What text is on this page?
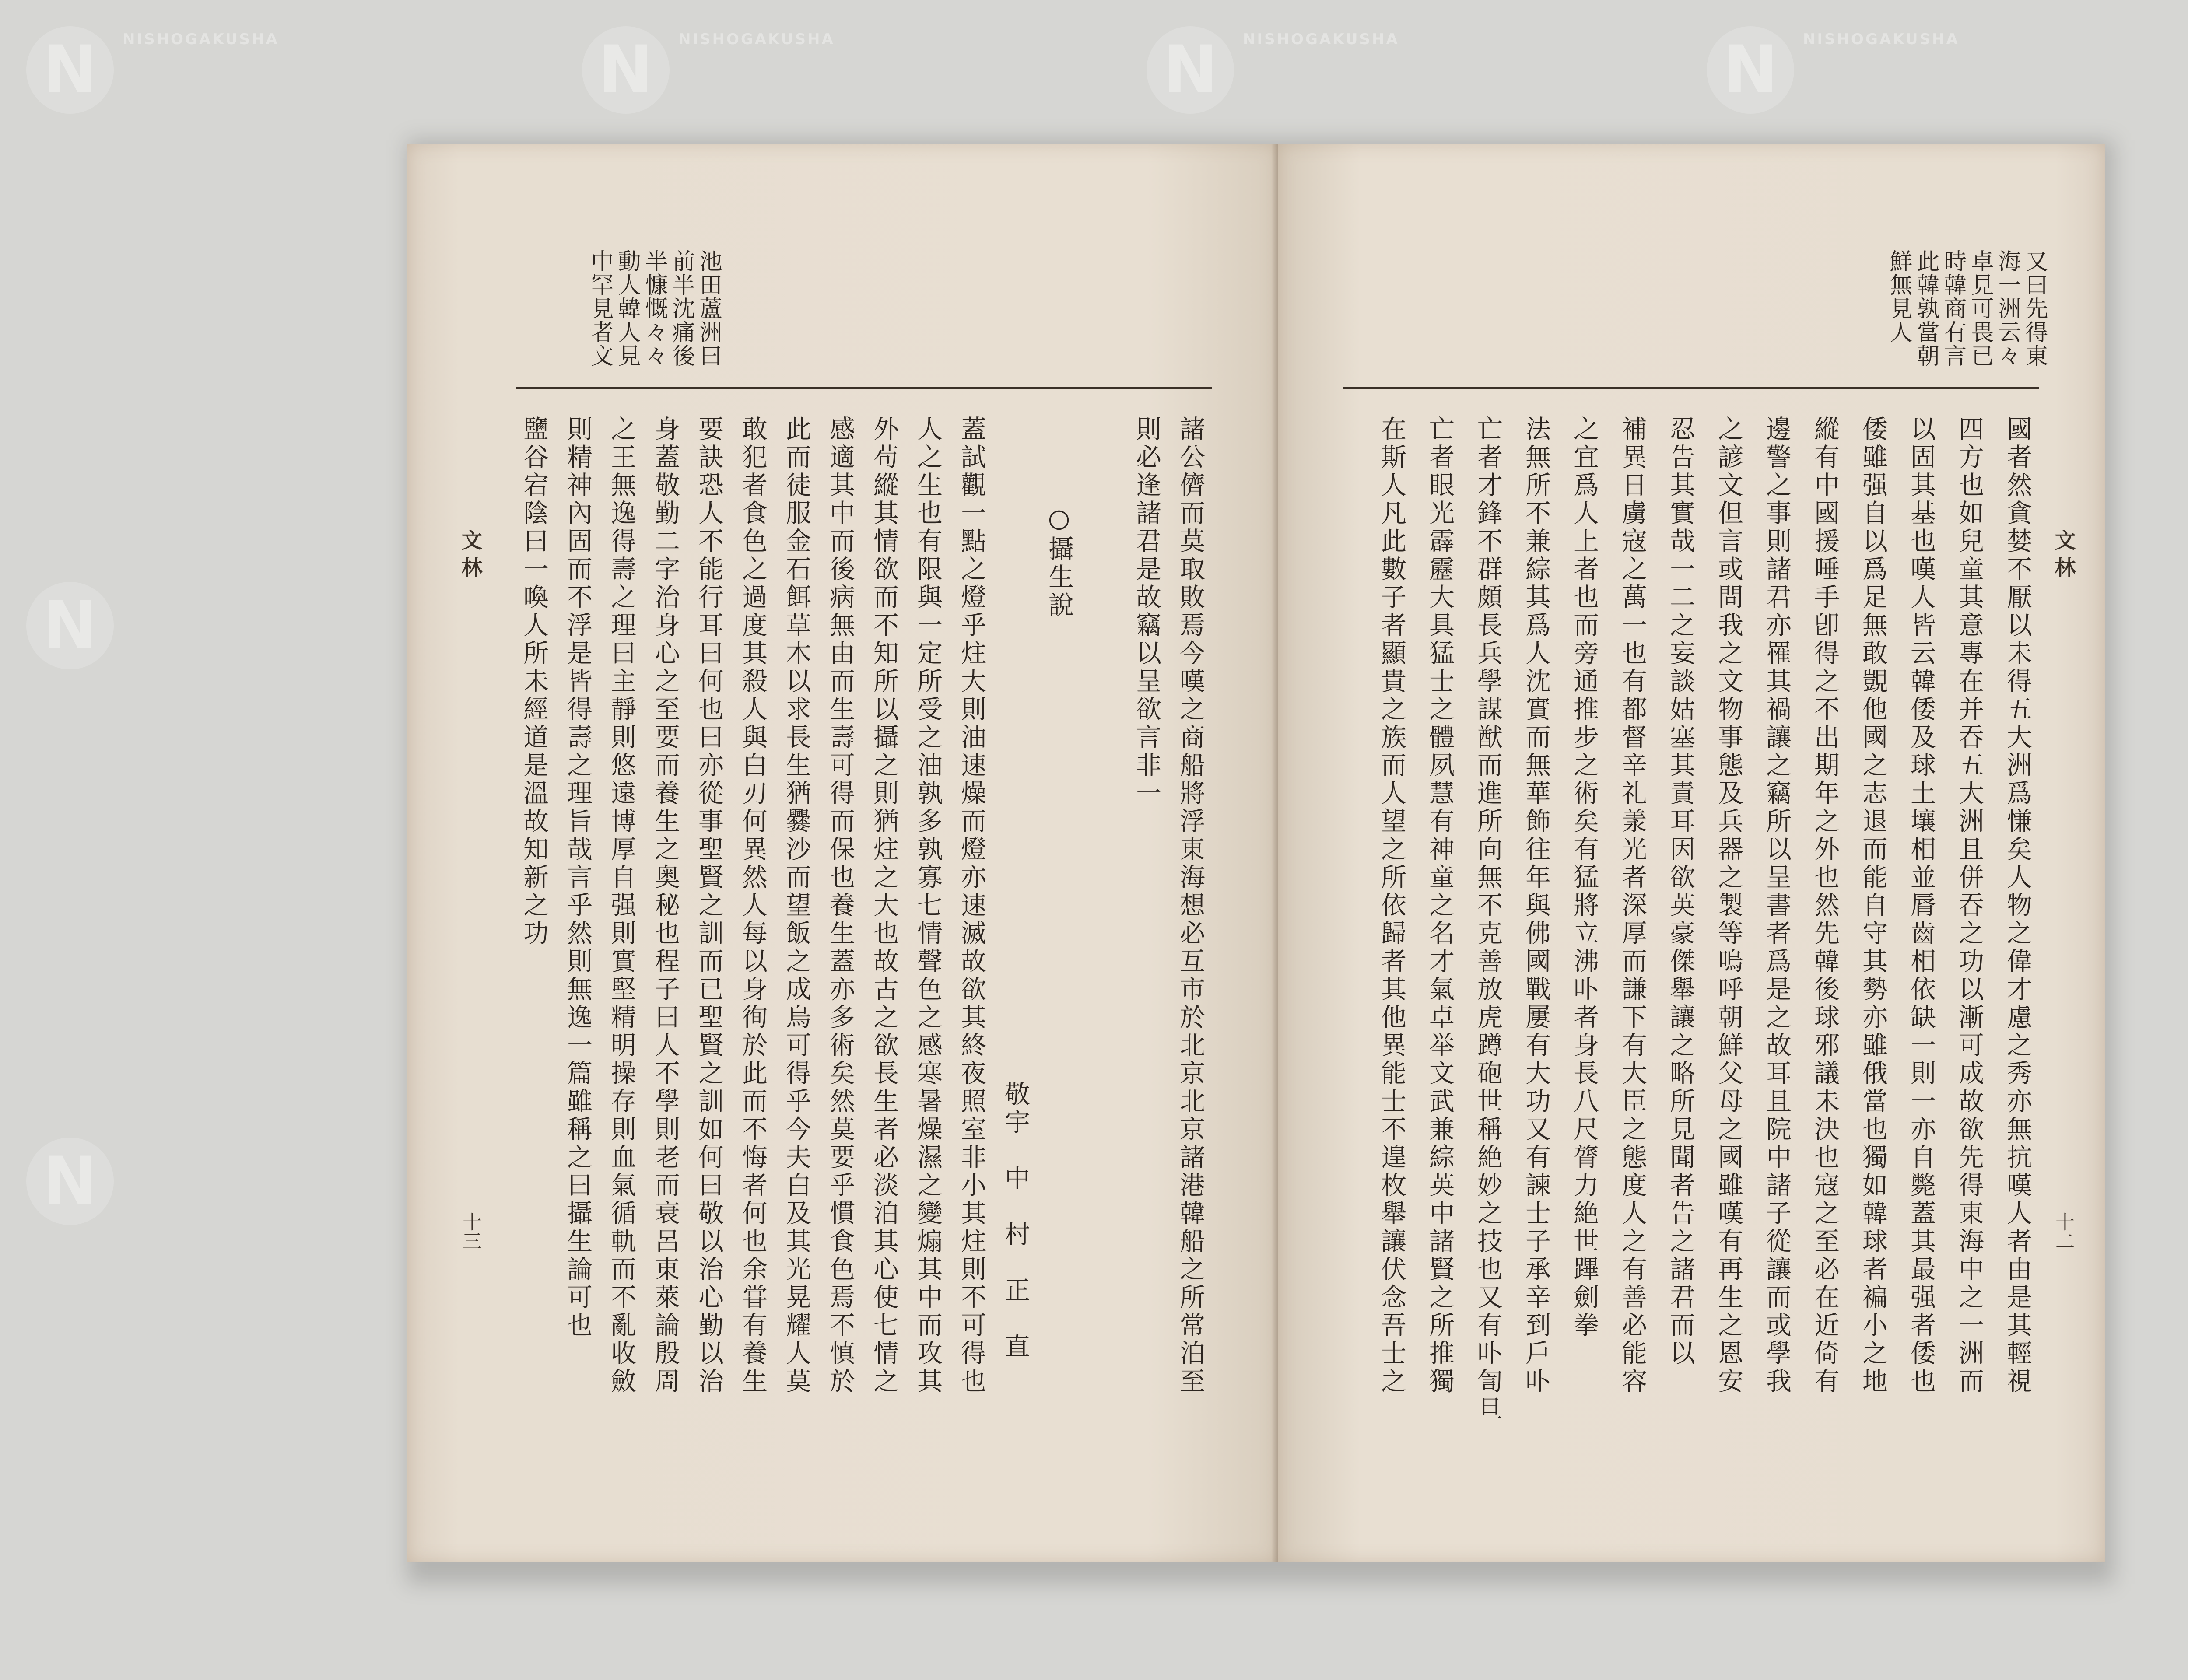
N	N	N	N
N
N
NISHOGAKUSHA	NISHOGAKUSHA	NISHOGAKUSHA	NISHOGAKUSHA
池田蘆洲曰
前半沈痛後
半慷慨々々
動人韓人見
中罕見者文
諸公儕而莫取敗焉今嘆之商船將浮東海想必互市於北京北京諸港韓船之所常泊至
則必逢諸君是故竊以呈欲言非一
○攝生說
敬宇　中　村　正　直
蓋試觀一點之燈乎炷大則油速燥而燈亦速滅故欲其終夜照室非小其炷則不可得也
人之生也有限與一定所受之油孰多孰寡七情聲色之感寒暑燥濕之變煽其中而攻其
外苟縱其情欲而不知所以攝之則猶炷之大也故古之欲長生者必淡泊其心使七情之
感適其中而後病無由而生壽可得而保也養生蓋亦多術矣然莫要乎慣食色焉不慎於
此而徒服金石餌草木以求長生猶爨沙而望飯之成烏可得乎今夫白及其光晃耀人莫
敢犯者食色之過度其殺人與白刃何異然人每以身徇於此而不悔者何也余甞有養生
要訣恐人不能行耳曰何也曰亦從事聖賢之訓而已聖賢之訓如何曰敬以治心勤以治
身蓋敬勤二字治身心之至要而養生之奥秘也程子曰人不學則老而衰呂東萊論殷周
之王無逸得壽之理曰主靜則悠遠博厚自强則實堅精明操存則血氣循軌而不亂收斂
則精神內固而不浮是皆得壽之理旨哉言乎然則無逸一篇雖稱之曰攝生論可也
鹽谷宕陰曰一喚人所未經道是溫故知新之功
文林
十三
又曰先得東
海一洲云々
卓見可畏已
時韓商有言
此韓孰當朝
鮮無見人
文林
十二
國者然貪婪不厭以未得五大洲爲慊矣人物之偉才慮之秀亦無抗嘆人者由是其輕視
四方也如兒童其意專在并吞五大洲且併吞之功以漸可成故欲先得東海中之一洲而
以固其基也嘆人皆云韓倭及球土壤相並脣齒相依缺一則一亦自斃蓋其最强者倭也
倭雖强自以爲足無敢覬他國之志退而能自守其勢亦雖俄當也獨如韓球者褊小之地
縱有中國援唾手卽得之不出期年之外也然先韓後球邪議未決也寇之至必在近倚有
邊警之事則諸君亦罹其禍讓之竊所以呈書者爲是之故耳且院中諸子從讓而或學我
之諺文但言或問我之文物事態及兵器之製等嗚呼朝鮮父母之國雖嘆有再生之恩安
忍告其實哉一二之妄談姑塞其責耳因欲英豪傑舉讓之略所見聞者告之諸君而以
補異日虜寇之萬一也有都督辛礼羕光者深厚而謙下有大臣之態度人之有善必能容
之宜爲人上者也而旁通推步之術矣有猛將立沸卟者身長八尺膂力絶世蹕劍拳
法無所不兼綜其爲人沈實而無華飾往年與佛國戰屢有大功又有諫士子承辛到戶卟
亡者才鋒不群頗長兵學謀猷而進所向無不克善放虎蹲砲世稱絶妙之技也又有卟訇旦
亡者眼光霹靂大具猛士之體夙慧有神童之名才氣卓举文武兼綜英中諸賢之所推獨
在斯人凡此數子者顯貴之族而人望之所依歸者其他異能士不遑枚舉讓伏念吾士之
